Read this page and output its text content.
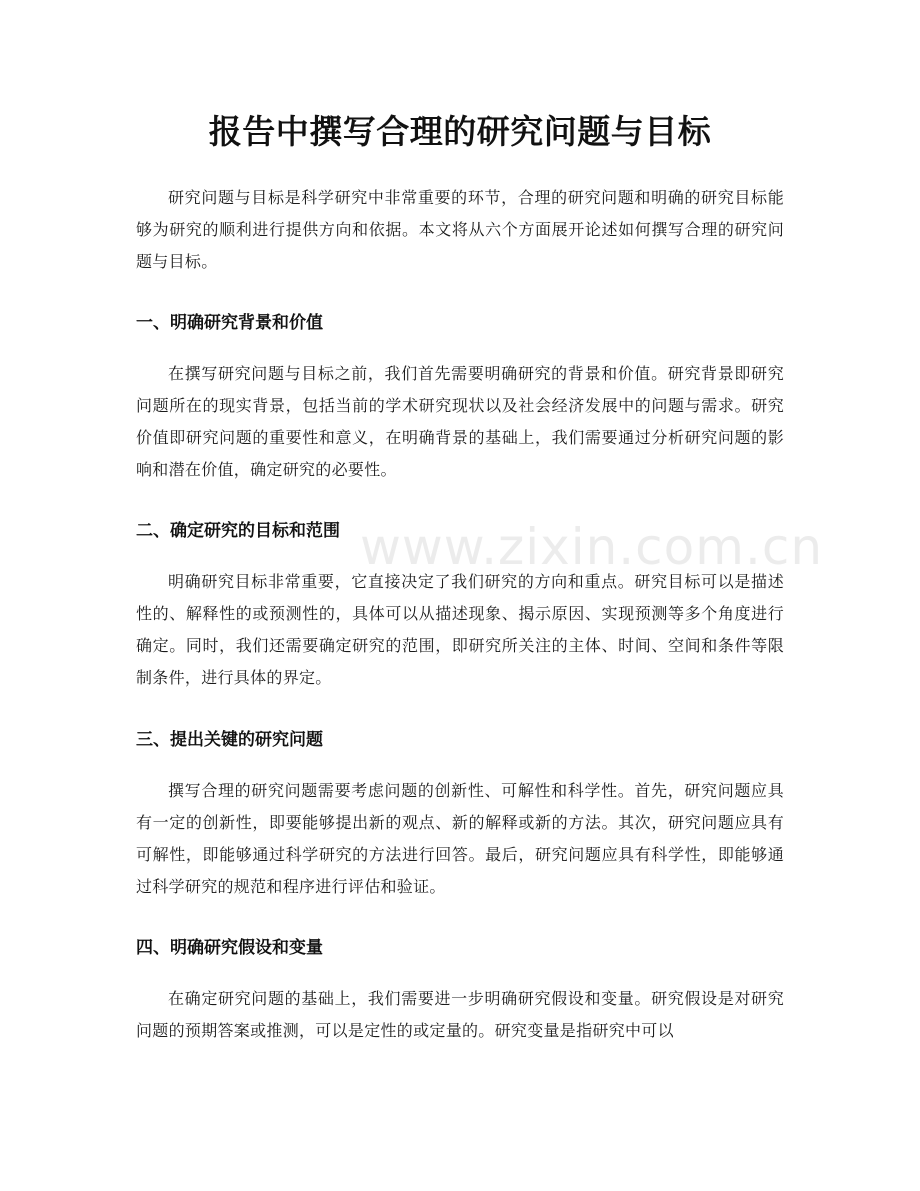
报告中撰写合理的研究问题与目标

研究问题与目标是科学研究中非常重要的环节，合理的研究问题和明确的研究目标能够为研究的顺利进行提供方向和依据。本文将从六个方面展开论述如何撰写合理的研究问题与目标。

一、明确研究背景和价值

在撰写研究问题与目标之前，我们首先需要明确研究的背景和价值。研究背景即研究问题所在的现实背景，包括当前的学术研究现状以及社会经济发展中的问题与需求。研究价值即研究问题的重要性和意义，在明确背景的基础上，我们需要通过分析研究问题的影响和潜在价值，确定研究的必要性。

二、确定研究的目标和范围

明确研究目标非常重要，它直接决定了我们研究的方向和重点。研究目标可以是描述性的、解释性的或预测性的，具体可以从描述现象、揭示原因、实现预测等多个角度进行确定。同时，我们还需要确定研究的范围，即研究所关注的主体、时间、空间和条件等限制条件，进行具体的界定。

三、提出关键的研究问题

撰写合理的研究问题需要考虑问题的创新性、可解性和科学性。首先，研究问题应具有一定的创新性，即要能够提出新的观点、新的解释或新的方法。其次，研究问题应具有可解性，即能够通过科学研究的方法进行回答。最后，研究问题应具有科学性，即能够通过科学研究的规范和程序进行评估和验证。

四、明确研究假设和变量

在确定研究问题的基础上，我们需要进一步明确研究假设和变量。研究假设是对研究问题的预期答案或推测，可以是定性的或定量的。研究变量是指研究中可以

www.zixin.com.cn
